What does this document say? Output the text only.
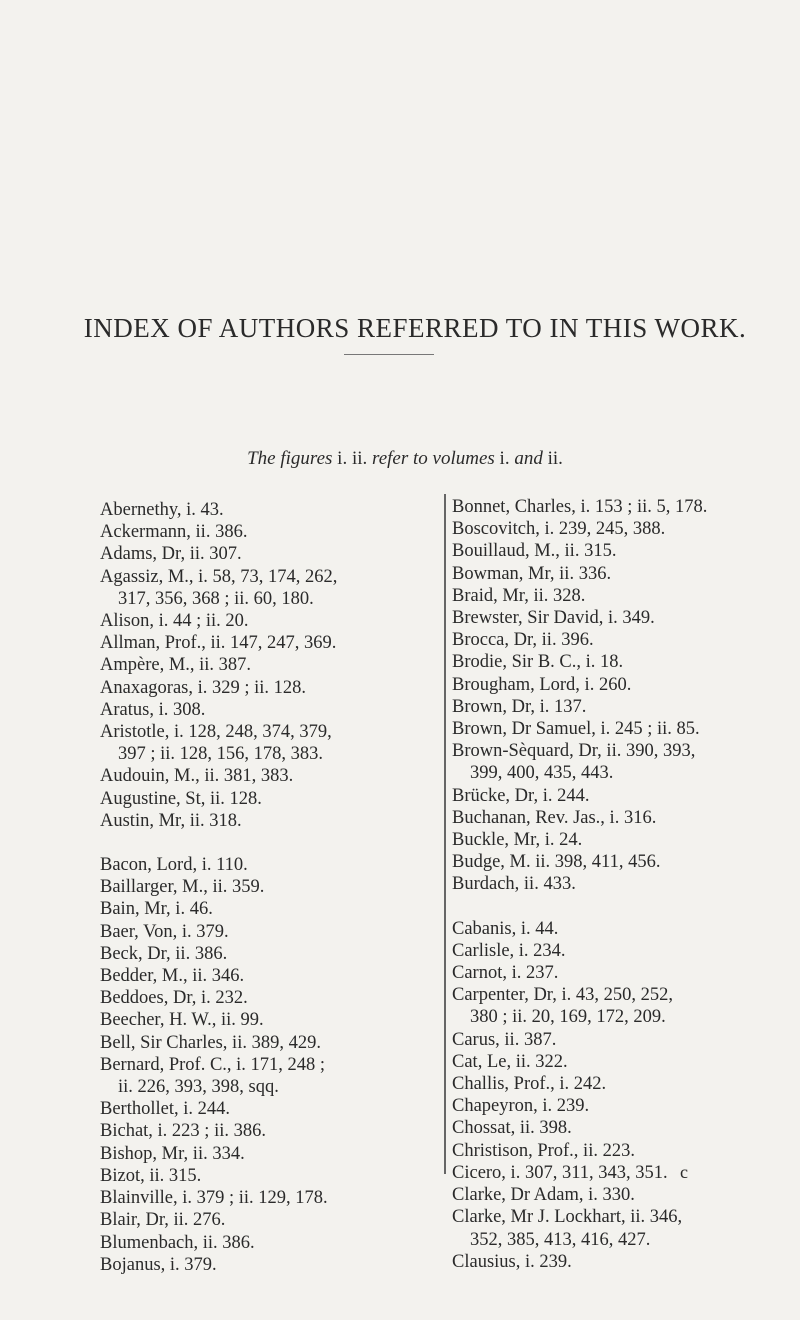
INDEX OF AUTHORS REFERRED TO IN THIS WORK.
The figures i. ii. refer to volumes i. and ii.
Abernethy, i. 43.
Ackermann, ii. 386.
Adams, Dr, ii. 307.
Agassiz, M., i. 58, 73, 174, 262,
317, 356, 368 ; ii. 60, 180.
Alison, i. 44 ; ii. 20.
Allman, Prof., ii. 147, 247, 369.
Ampère, M., ii. 387.
Anaxagoras, i. 329 ; ii. 128.
Aratus, i. 308.
Aristotle, i. 128, 248, 374, 379,
397 ; ii. 128, 156, 178, 383.
Audouin, M., ii. 381, 383.
Augustine, St, ii. 128.
Austin, Mr, ii. 318.
Bacon, Lord, i. 110.
Baillarger, M., ii. 359.
Bain, Mr, i. 46.
Baer, Von, i. 379.
Beck, Dr, ii. 386.
Bedder, M., ii. 346.
Beddoes, Dr, i. 232.
Beecher, H. W., ii. 99.
Bell, Sir Charles, ii. 389, 429.
Bernard, Prof. C., i. 171, 248 ;
ii. 226, 393, 398, sqq.
Berthollet, i. 244.
Bichat, i. 223 ; ii. 386.
Bishop, Mr, ii. 334.
Bizot, ii. 315.
Blainville, i. 379 ; ii. 129, 178.
Blair, Dr, ii. 276.
Blumenbach, ii. 386.
Bojanus, i. 379.
Bonnet, Charles, i. 153 ; ii. 5, 178.
Boscovitch, i. 239, 245, 388.
Bouillaud, M., ii. 315.
Bowman, Mr, ii. 336.
Braid, Mr, ii. 328.
Brewster, Sir David, i. 349.
Brocca, Dr, ii. 396.
Brodie, Sir B. C., i. 18.
Brougham, Lord, i. 260.
Brown, Dr, i. 137.
Brown, Dr Samuel, i. 245 ; ii. 85.
Brown-Sèquard, Dr, ii. 390, 393,
399, 400, 435, 443.
Brücke, Dr, i. 244.
Buchanan, Rev. Jas., i. 316.
Buckle, Mr, i. 24.
Budge, M. ii. 398, 411, 456.
Burdach, ii. 433.
Cabanis, i. 44.
Carlisle, i. 234.
Carnot, i. 237.
Carpenter, Dr, i. 43, 250, 252,
380 ; ii. 20, 169, 172, 209.
Carus, ii. 387.
Cat, Le, ii. 322.
Challis, Prof., i. 242.
Chapeyron, i. 239.
Chossat, ii. 398.
Christison, Prof., ii. 223.
Cicero, i. 307, 311, 343, 351.
Clarke, Dr Adam, i. 330.
Clarke, Mr J. Lockhart, ii. 346,
352, 385, 413, 416, 427.
Clausius, i. 239.
c
